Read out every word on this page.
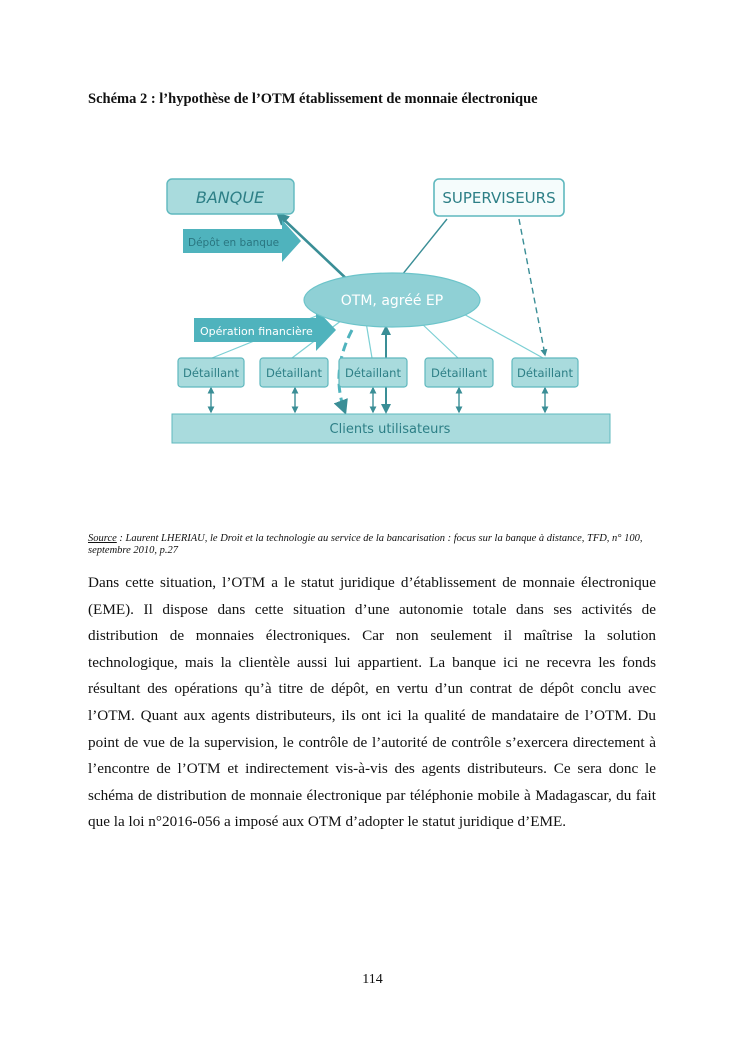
Schéma 2 : l’hypothèse de l’OTM établissement de monnaie électronique

BANQUE	SUPERVISEURS
Dépôt en banque
Opération financière
OTM, agréé EP
Détaillant Détaillant Détaillant	Détaillant	Détaillant
Clients utilisateurs

Source : Laurent LHERIAU, le Droit et la technologie au service de la bancarisation : focus sur la banque à distance, TFD, n° 100, septembre 2010, p.27

Dans cette situation, l’OTM a le statut juridique d’établissement de monnaie électronique (EME). Il dispose dans cette situation d’une autonomie totale dans ses activités de distribution de monnaies électroniques. Car non seulement il maîtrise la solution technologique, mais la clientèle aussi lui appartient. La banque ici ne recevra les fonds résultant des opérations qu’à titre de dépôt, en vertu d’un contrat de dépôt conclu avec l’OTM. Quant aux agents distributeurs, ils ont ici la qualité de mandataire de l’OTM. Du point de vue de la supervision, le contrôle de l’autorité de contrôle s’exercera directement à l’encontre de l’OTM et indirectement vis-à-vis des agents distributeurs. Ce sera donc le schéma de distribution de monnaie électronique par téléphonie mobile à Madagascar, du fait que la loi n°2016-056 a imposé aux OTM d’adopter le statut juridique d’EME.

114
